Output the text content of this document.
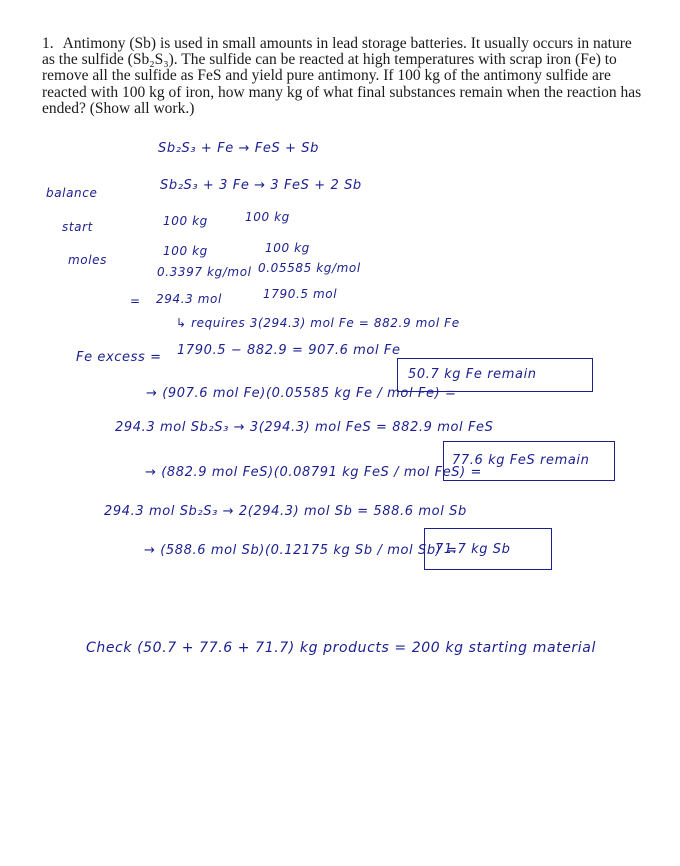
1. Antimony (Sb) is used in small amounts in lead storage batteries. It usually occurs in nature as the sulfide (Sb₂S₃). The sulfide can be reacted at high temperatures with scrap iron (Fe) to remove all the sulfide as FeS and yield pure antimony. If 100 kg of the antimony sulfide are reacted with 100 kg of iron, how many kg of what final substances remain when the reaction has ended? (Show all work.)
Sb₂S₃ + Fe → FeS + Sb
balance	Sb₂S₃ + 3 Fe → 3 FeS + 2 Sb
start	100 kg	100 kg
moles
100 kg	100 kg
0.3397 kg/mol 0.05585 kg/mol
= 294.3 mol	1790.5 mol
↳ requires 3(294.3) mol Fe = 882.9 mol Fe
Fe excess = 1790.5 − 882.9 = 907.6 mol Fe
→ (907.6 mol Fe)(0.05585 kg Fe / mol Fe) =
50.7 kg Fe remain
294.3 mol Sb₂S₃ → 3(294.3) mol FeS = 882.9 mol FeS
→ (882.9 mol FeS)(0.08791 kg FeS / mol FeS) =
77.6 kg FeS remain
294.3 mol Sb₂S₃ → 2(294.3) mol Sb = 588.6 mol Sb
→ (588.6 mol Sb)(0.12175 kg Sb / mol Sb) =
71.7 kg Sb
Check (50.7 + 77.6 + 71.7) kg products = 200 kg starting material
